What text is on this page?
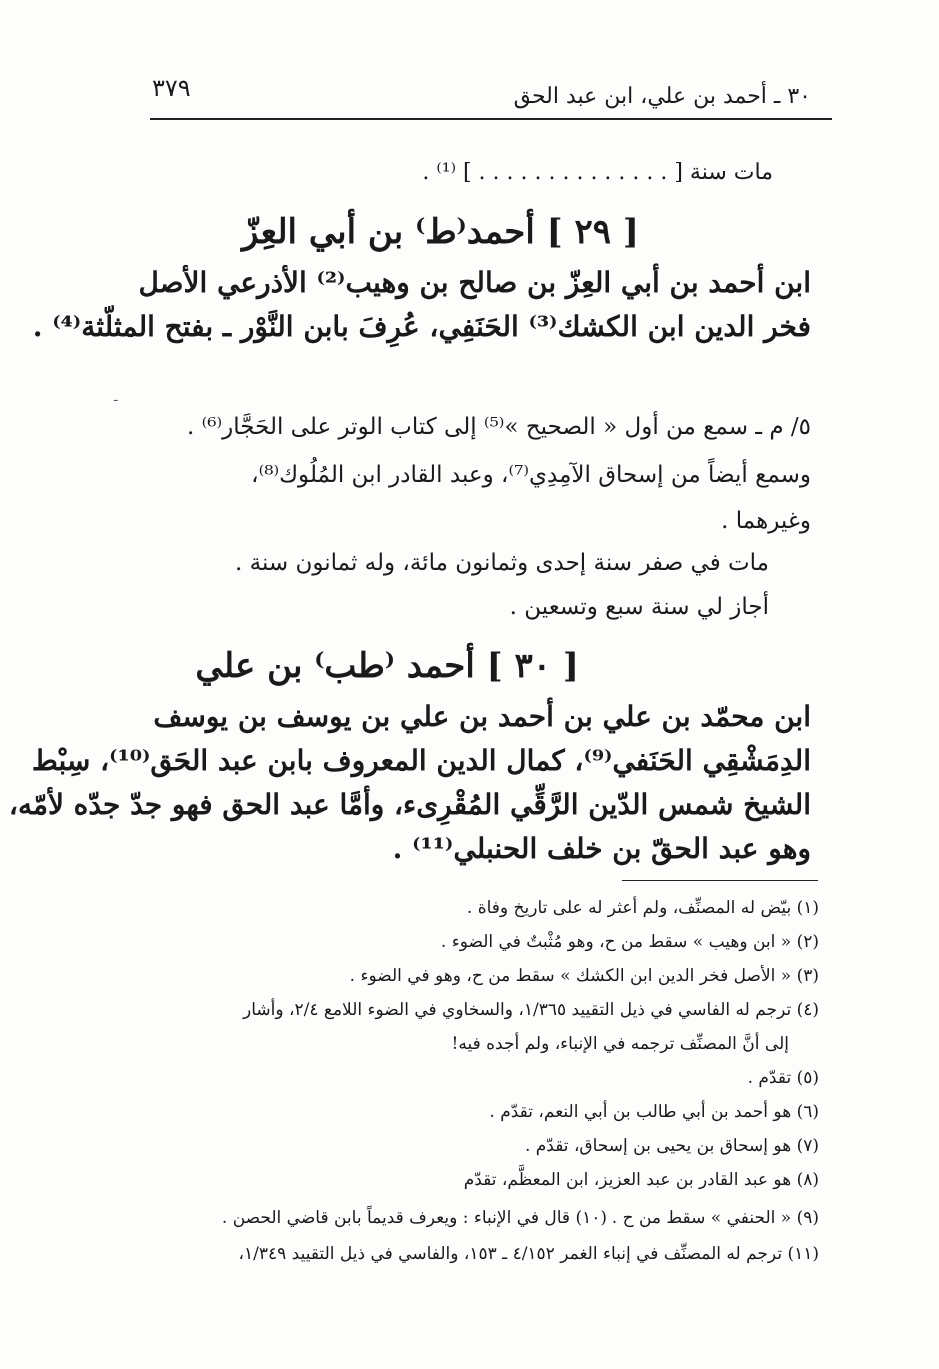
٣٠ ـ أحمد بن علي، ابن عبد الحق
٣٧٩
مات سنة [ . . . . . . . . . . . . . . ] ⁽¹⁾ .
[ ٢٩ ] أحمد⁽ط⁾ بن أبي العِزّ
ابن أحمد بن أبي العِزّ بن صالح بن وهيب⁽²⁾ الأذرعي الأصل
فخر الدين ابن الكشك⁽³⁾ الحَنَفِي، عُرِفَ بابن النَّوْر ـ بفتح المثلّثة⁽⁴⁾ .
ـ
٥/ م ـ سمع من أول « الصحيح »⁽⁵⁾ إلى كتاب الوتر على الحَجَّار⁽⁶⁾ .
وسمع أيضاً من إسحاق الآمِدِي⁽⁷⁾، وعبد القادر ابن المُلُوك⁽⁸⁾،
وغيرهما .
مات في صفر سنة إحدى وثمانون مائة، وله ثمانون سنة .
أجاز لي سنة سبع وتسعين .
[ ٣٠ ] أحمد ⁽طب⁾ بن علي
ابن محمّد بن علي بن أحمد بن علي بن يوسف بن يوسف
الدِمَشْقِي الحَنَفي⁽⁹⁾، كمال الدين المعروف بابن عبد الحَق⁽¹⁰⁾، سِبْط
الشيخ شمس الدّين الرَّقِّي المُقْرِىء، وأمَّا عبد الحق فهو جدّ جدّه لأمّه،
وهو عبد الحقّ بن خلف الحنبلي⁽¹¹⁾ .
(١) بيّض له المصنِّف، ولم أعثر له على تاريخ وفاة .
(٢) « ابن وهيب » سقط من ح، وهو مُثْبتٌ في الضوء .
(٣) « الأصل فخر الدين ابن الكشك » سقط من ح، وهو في الضوء .
(٤) ترجم له الفاسي في ذيل التقييد ١/٣٦٥، والسخاوي في الضوء اللامع ٢/٤، وأشار
إلى أنَّ المصنِّف ترجمه في الإنباء، ولم أجده فيه!
(٥) تقدّم .
(٦) هو أحمد بن أبي طالب بن أبي النعم، تقدّم .
(٧) هو إسحاق بن يحيى بن إسحاق، تقدّم .
(٨) هو عبد القادر بن عبد العزيز، ابن المعظَّم، تقدّم
(٩) « الحنفي » سقط من ح .
(١٠) قال في الإنباء : ويعرف قديماً بابن قاضي الحصن .
(١١) ترجم له المصنِّف في إنباء الغمر ٤/١٥٢ ـ ١٥٣، والفاسي في ذيل التقييد ١/٣٤٩،
